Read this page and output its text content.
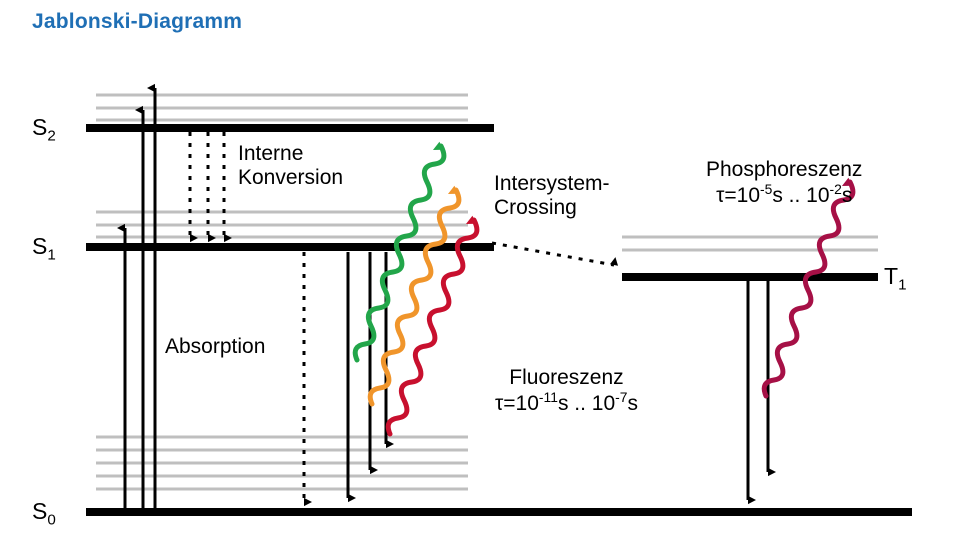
Jablonski-Diagramm
$S_2$
$S_1$
$S_0$
$T_1$
Interne
Konversion	Intersystem-
Crossing
Absorption
Fluoreszenz
$\tau=10^{-11}s$ .. $10^{-7}s$
Phosphoreszenz
$\tau=10^{-5}s$ .. $10^{-2}s$
